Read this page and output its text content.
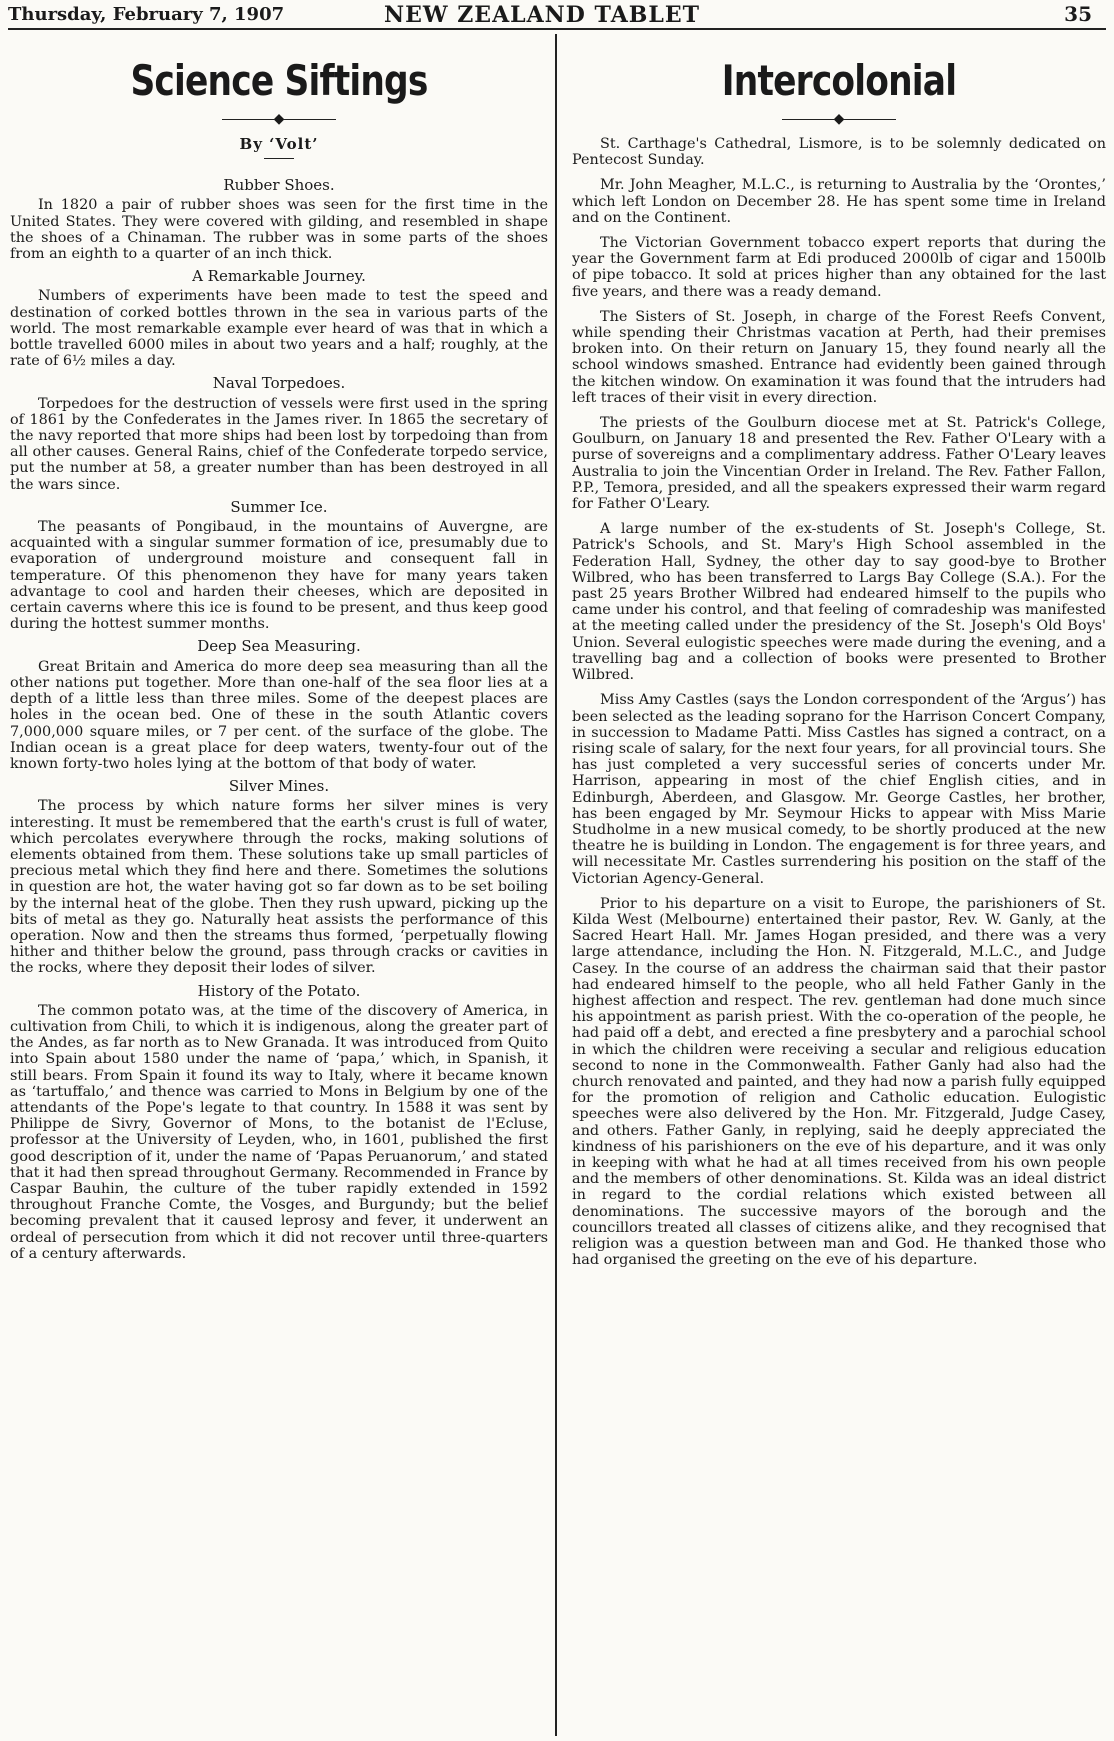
Thursday, February 7, 1907	NEW ZEALAND TABLET	35
Science Siftings
◆
By ‘Volt’
Rubber Shoes.

In 1820 a pair of rubber shoes was seen for the first time in the United States. They were covered with gilding, and resembled in shape the shoes of a Chinaman. The rubber was in some parts of the shoes from an eighth to a quarter of an inch thick.

A Remarkable Journey.

Numbers of experiments have been made to test the speed and destination of corked bottles thrown in the sea in various parts of the world. The most remarkable example ever heard of was that in which a bottle travelled 6000 miles in about two years and a half; roughly, at the rate of 6½ miles a day.

Naval Torpedoes.

Torpedoes for the destruction of vessels were first used in the spring of 1861 by the Confederates in the James river. In 1865 the secretary of the navy reported that more ships had been lost by torpedoing than from all other causes. General Rains, chief of the Confederate torpedo service, put the number at 58, a greater number than has been destroyed in all the wars since.

Summer Ice.

The peasants of Pongibaud, in the mountains of Auvergne, are acquainted with a singular summer formation of ice, presumably due to evaporation of underground moisture and consequent fall in temperature. Of this phenomenon they have for many years taken advantage to cool and harden their cheeses, which are deposited in certain caverns where this ice is found to be present, and thus keep good during the hottest summer months.

Deep Sea Measuring.

Great Britain and America do more deep sea measuring than all the other nations put together. More than one-half of the sea floor lies at a depth of a little less than three miles. Some of the deepest places are holes in the ocean bed. One of these in the south Atlantic covers 7,000,000 square miles, or 7 per cent. of the surface of the globe. The Indian ocean is a great place for deep waters, twenty-four out of the known forty-two holes lying at the bottom of that body of water.

Silver Mines.

The process by which nature forms her silver mines is very interesting. It must be remembered that the earth's crust is full of water, which percolates everywhere through the rocks, making solutions of elements obtained from them. These solutions take up small particles of precious metal which they find here and there. Sometimes the solutions in question are hot, the water having got so far down as to be set boiling by the internal heat of the globe. Then they rush upward, picking up the bits of metal as they go. Naturally heat assists the performance of this operation. Now and then the streams thus formed, ‘perpetually flowing hither and thither below the ground, pass through cracks or cavities in the rocks, where they deposit their lodes of silver.

History of the Potato.

The common potato was, at the time of the discovery of America, in cultivation from Chili, to which it is indigenous, along the greater part of the Andes, as far north as to New Granada. It was introduced from Quito into Spain about 1580 under the name of ‘papa,’ which, in Spanish, it still bears. From Spain it found its way to Italy, where it became known as ‘tartuffalo,’ and thence was carried to Mons in Belgium by one of the attendants of the Pope's legate to that country. In 1588 it was sent by Philippe de Sivry, Governor of Mons, to the botanist de l'Ecluse, professor at the University of Leyden, who, in 1601, published the first good description of it, under the name of ‘Papas Peruanorum,’ and stated that it had then spread throughout Germany. Recommended in France by Caspar Bauhin, the culture of the tuber rapidly extended in 1592 throughout Franche Comte, the Vosges, and Burgundy; but the belief becoming prevalent that it caused leprosy and fever, it underwent an ordeal of persecution from which it did not recover until three-quarters of a century afterwards.

Intercolonial
◆

St. Carthage's Cathedral, Lismore, is to be solemnly dedicated on Pentecost Sunday.

Mr. John Meagher, M.L.C., is returning to Australia by the ‘Orontes,’ which left London on December 28. He has spent some time in Ireland and on the Continent.

The Victorian Government tobacco expert reports that during the year the Government farm at Edi produced 2000lb of cigar and 1500lb of pipe tobacco. It sold at prices higher than any obtained for the last five years, and there was a ready demand.

The Sisters of St. Joseph, in charge of the Forest Reefs Convent, while spending their Christmas vacation at Perth, had their premises broken into. On their return on January 15, they found nearly all the school windows smashed. Entrance had evidently been gained through the kitchen window. On examination it was found that the intruders had left traces of their visit in every direction.

The priests of the Goulburn diocese met at St. Patrick's College, Goulburn, on January 18 and presented the Rev. Father O'Leary with a purse of sovereigns and a complimentary address. Father O'Leary leaves Australia to join the Vincentian Order in Ireland. The Rev. Father Fallon, P.P., Temora, presided, and all the speakers expressed their warm regard for Father O'Leary.

A large number of the ex-students of St. Joseph's College, St. Patrick's Schools, and St. Mary's High School assembled in the Federation Hall, Sydney, the other day to say good-bye to Brother Wilbred, who has been transferred to Largs Bay College (S.A.). For the past 25 years Brother Wilbred had endeared himself to the pupils who came under his control, and that feeling of comradeship was manifested at the meeting called under the presidency of the St. Joseph's Old Boys' Union. Several eulogistic speeches were made during the evening, and a travelling bag and a collection of books were presented to Brother Wilbred.

Miss Amy Castles (says the London correspondent of the ‘Argus’) has been selected as the leading soprano for the Harrison Concert Company, in succession to Madame Patti. Miss Castles has signed a contract, on a rising scale of salary, for the next four years, for all provincial tours. She has just completed a very successful series of concerts under Mr. Harrison, appearing in most of the chief English cities, and in Edinburgh, Aberdeen, and Glasgow. Mr. George Castles, her brother, has been engaged by Mr. Seymour Hicks to appear with Miss Marie Studholme in a new musical comedy, to be shortly produced at the new theatre he is building in London. The engagement is for three years, and will necessitate Mr. Castles surrendering his position on the staff of the Victorian Agency-General.

Prior to his departure on a visit to Europe, the parishioners of St. Kilda West (Melbourne) entertained their pastor, Rev. W. Ganly, at the Sacred Heart Hall. Mr. James Hogan presided, and there was a very large attendance, including the Hon. N. Fitzgerald, M.L.C., and Judge Casey. In the course of an address the chairman said that their pastor had endeared himself to the people, who all held Father Ganly in the highest affection and respect. The rev. gentleman had done much since his appointment as parish priest. With the co-operation of the people, he had paid off a debt, and erected a fine presbytery and a parochial school in which the children were receiving a secular and religious education second to none in the Commonwealth. Father Ganly had also had the church renovated and painted, and they had now a parish fully equipped for the promotion of religion and Catholic education. Eulogistic speeches were also delivered by the Hon. Mr. Fitzgerald, Judge Casey, and others. Father Ganly, in replying, said he deeply appreciated the kindness of his parishioners on the eve of his departure, and it was only in keeping with what he had at all times received from his own people and the members of other denominations. St. Kilda was an ideal district in regard to the cordial relations which existed between all denominations. The successive mayors of the borough and the councillors treated all classes of citizens alike, and they recognised that religion was a question between man and God. He thanked those who had organised the greeting on the eve of his departure.
